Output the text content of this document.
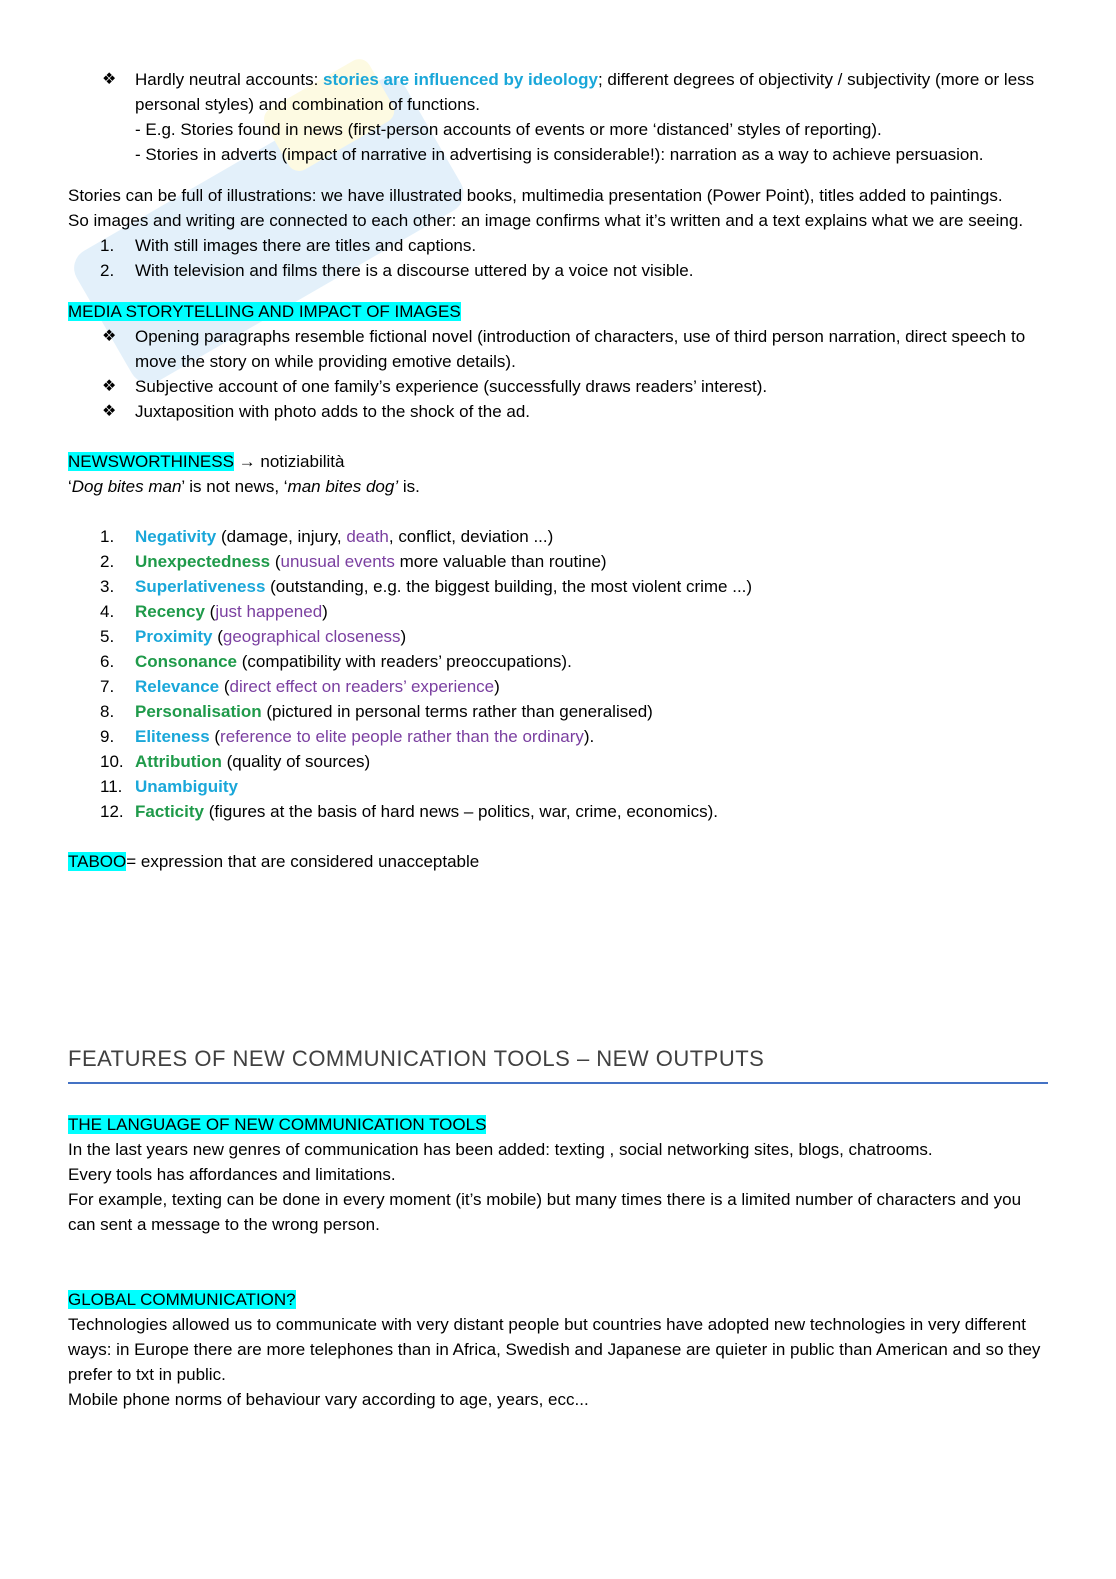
❖ Hardly neutral accounts: stories are influenced by ideology; different degrees of objectivity / subjectivity (more or less personal styles) and combination of functions.
- E.g. Stories found in news (first-person accounts of events or more ‘distanced’ styles of reporting).
- Stories in adverts (impact of narrative in advertising is considerable!): narration as a way to achieve persuasion.

Stories can be full of illustrations: we have illustrated books, multimedia presentation (Power Point), titles added to paintings.

So images and writing are connected to each other: an image confirms what it’s written and a text explains what we are seeing.

1. With still images there are titles and captions.
2. With television and films there is a discourse uttered by a voice not visible.

MEDIA STORYTELLING AND IMPACT OF IMAGES

❖ Opening paragraphs resemble fictional novel (introduction of characters, use of third person narration, direct speech to move the story on while providing emotive details).
❖ Subjective account of one family’s experience (successfully draws readers’ interest).
❖ Juxtaposition with photo adds to the shock of the ad.

NEWSWORTHINESS → notiziabilità

‘Dog bites man’ is not news, ‘man bites dog’ is.

1. Negativity (damage, injury, death, conflict, deviation ...)
2. Unexpectedness (unusual events more valuable than routine)
3. Superlativeness (outstanding, e.g. the biggest building, the most violent crime ...)
4. Recency (just happened)
5. Proximity (geographical closeness)
6. Consonance (compatibility with readers’ preoccupations).
7. Relevance (direct effect on readers’ experience)
8. Personalisation (pictured in personal terms rather than generalised)
9. Eliteness (reference to elite people rather than the ordinary).
10. Attribution (quality of sources)
11. Unambiguity
12. Facticity (figures at the basis of hard news – politics, war, crime, economics).

TABOO= expression that are considered unacceptable

FEATURES OF NEW COMMUNICATION TOOLS – NEW OUTPUTS

THE LANGUAGE OF NEW COMMUNICATION TOOLS

In the last years new genres of communication has been added: texting , social networking sites, blogs, chatrooms.

Every tools has affordances and limitations.

For example, texting can be done in every moment (it’s mobile) but many times there is a limited number of characters and you can sent a message to the wrong person.

GLOBAL COMMUNICATION?

Technologies allowed us to communicate with very distant people but countries have adopted new technologies in very different ways: in Europe there are more telephones than in Africa, Swedish and Japanese are quieter in public than American and so they prefer to txt in public.

Mobile phone norms of behaviour vary according to age, years, ecc...
